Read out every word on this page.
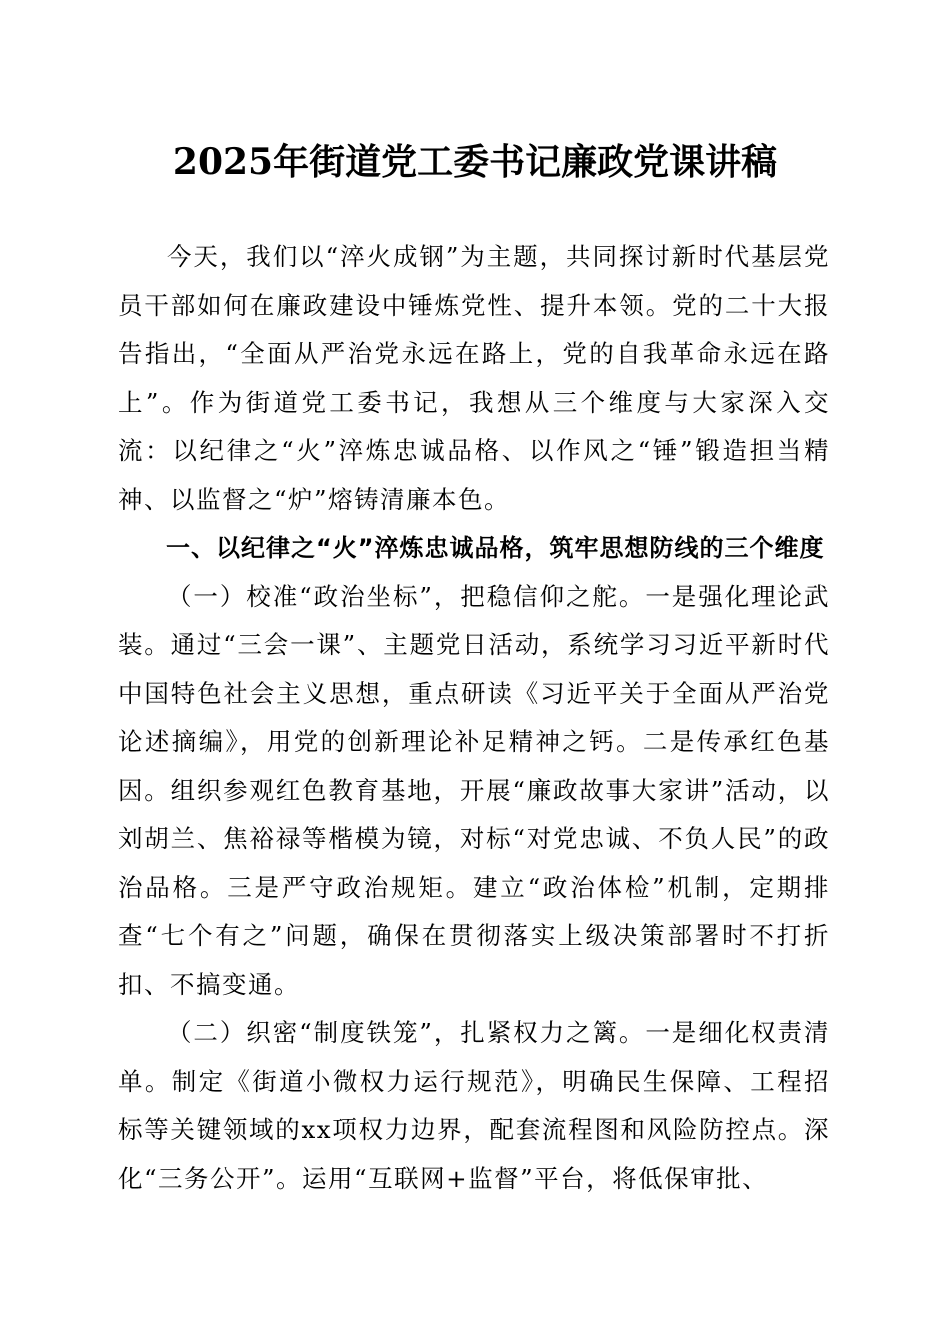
2025年街道党工委书记廉政党课讲稿

今天，我们以“淬火成钢”为主题，共同探讨新时代基层党员干部如何在廉政建设中锤炼党性、提升本领。党的二十大报告指出，“全面从严治党永远在路上，党的自我革命永远在路上”。作为街道党工委书记，我想从三个维度与大家深入交流：以纪律之“火”淬炼忠诚品格、以作风之“锤”锻造担当精神、以监督之“炉”熔铸清廉本色。

一、以纪律之“火”淬炼忠诚品格，筑牢思想防线的三个维度

（一）校准“政治坐标”，把稳信仰之舵。一是强化理论武装。通过“三会一课”、主题党日活动，系统学习习近平新时代中国特色社会主义思想，重点研读《习近平关于全面从严治党论述摘编》，用党的创新理论补足精神之钙。二是传承红色基因。组织参观红色教育基地，开展“廉政故事大家讲”活动，以刘胡兰、焦裕禄等楷模为镜，对标“对党忠诚、不负人民”的政治品格。三是严守政治规矩。建立“政治体检”机制，定期排查“七个有之”问题，确保在贯彻落实上级决策部署时不打折扣、不搞变通。

（二）织密“制度铁笼”，扎紧权力之篱。一是细化权责清单。制定《街道小微权力运行规范》，明确民生保障、工程招标等关键领域的xx项权力边界，配套流程图和风险防控点。深化“三务公开”。运用“互联网+监督”平台，将低保审批、
